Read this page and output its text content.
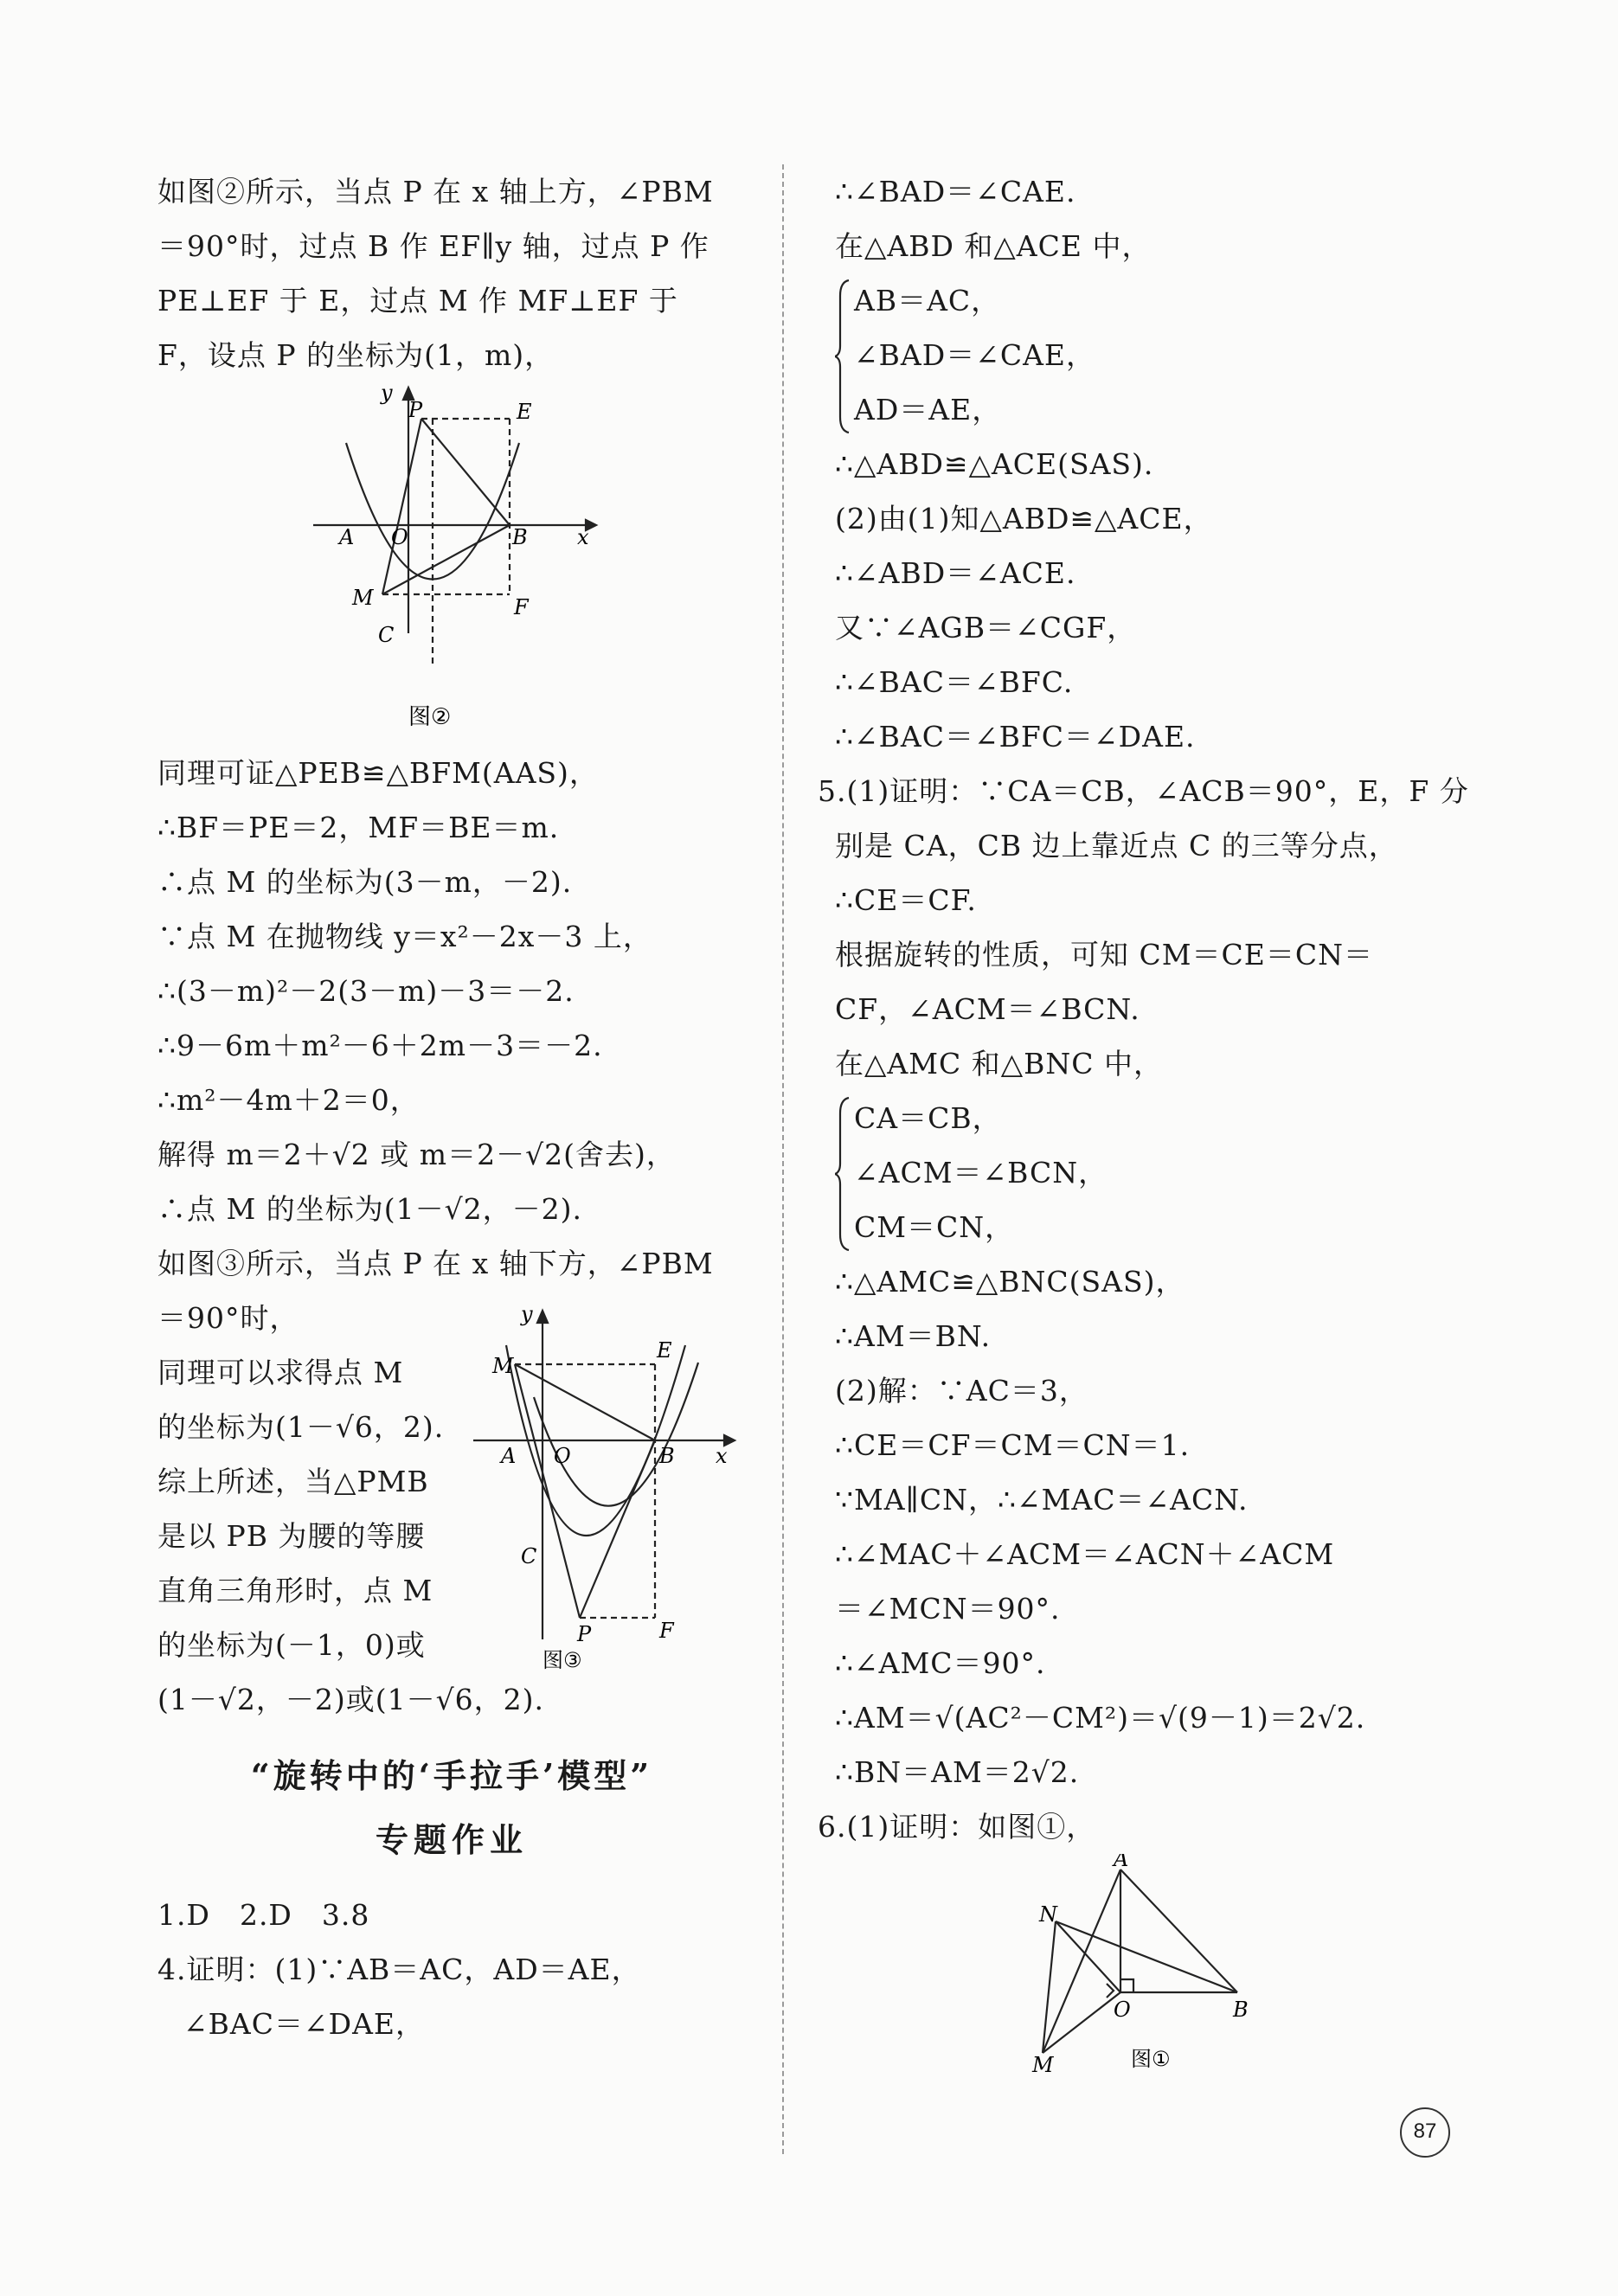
如图②所示，当点 P 在 x 轴上方，∠PBM
＝90°时，过点 B 作 EF∥y 轴，过点 P 作
PE⊥EF 于 E，过点 M 作 MF⊥EF 于
F，设点 P 的坐标为(1，m)，
y
P	E
A O	B x
M	F
C
图②
同理可证△PEB≌△BFM(AAS)，
∴BF＝PE＝2，MF＝BE＝m.
∴点 M 的坐标为(3－m，－2).
∵点 M 在抛物线 y＝x²－2x－3 上，
∴(3－m)²－2(3－m)－3＝－2.
∴9－6m＋m²－6＋2m－3＝－2.
∴m²－4m＋2＝0，
解得 m＝2＋√2 或 m＝2－√2(舍去)，
∴点 M 的坐标为(1－√2，－2).
如图③所示，当点 P 在 x 轴下方，∠PBM
＝90°时，
同理可以求得点 M
的坐标为(1－√6，2).
综上所述，当△PMB
是以 PB 为腰的等腰
直角三角形时，点 M
的坐标为(－1，0)或
y
M
E
A O	B x
C
P	F
图③
(1－√2，－2)或(1－√6，2).
“旋转中的‘手拉手’模型”
专题作业
1.D　2.D　3.8
4.证明：(1)∵AB＝AC，AD＝AE，
∠BAC＝∠DAE，
∴∠BAD＝∠CAE.
在△ABD 和△ACE 中，
AB＝AC，
∠BAD＝∠CAE，
AD＝AE，
∴△ABD≌△ACE(SAS).
(2)由(1)知△ABD≌△ACE，
∴∠ABD＝∠ACE.
又∵∠AGB＝∠CGF，
∴∠BAC＝∠BFC.
∴∠BAC＝∠BFC＝∠DAE.
5.(1)证明：∵CA＝CB，∠ACB＝90°，E，F 分
别是 CA，CB 边上靠近点 C 的三等分点，
∴CE＝CF.
根据旋转的性质，可知 CM＝CE＝CN＝
CF，∠ACM＝∠BCN.
在△AMC 和△BNC 中，
CA＝CB，
∠ACM＝∠BCN，
CM＝CN，
∴△AMC≌△BNC(SAS)，
∴AM＝BN.
(2)解：∵AC＝3，
∴CE＝CF＝CM＝CN＝1.
∵MA∥CN，∴∠MAC＝∠ACN.
∴∠MAC＋∠ACM＝∠ACN＋∠ACM
＝∠MCN＝90°.
∴∠AMC＝90°.
∴AM＝√(AC²－CM²)＝√(9－1)＝2√2.
∴BN＝AM＝2√2.
6.(1)证明：如图①，
A
N
O	B
M	图①
87
